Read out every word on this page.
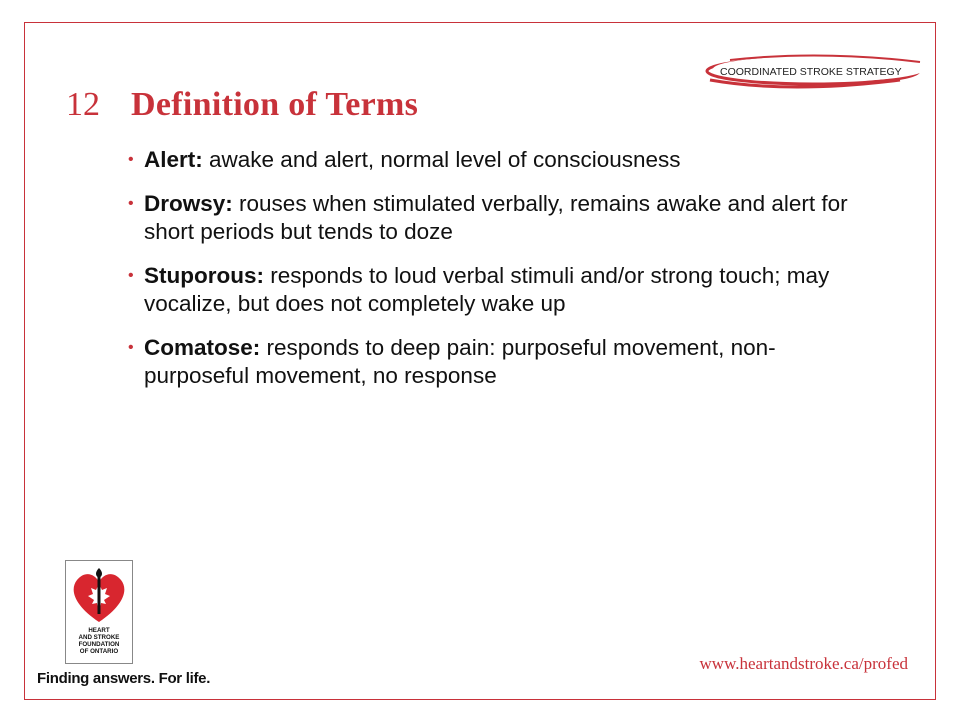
COORDINATED STROKE STRATEGY
12 Definition of Terms
• Alert: awake and alert, normal level of consciousness
• Drowsy: rouses when stimulated verbally, remains awake and alert for short periods but tends to doze
• Stuporous: responds to loud verbal stimuli and/or strong touch; may vocalize, but does not completely wake up
• Comatose: responds to deep pain: purposeful movement, non-purposeful movement, no response
HEART
AND STROKE
FOUNDATION
OF ONTARIO
Finding answers. For life.
www.heartandstroke.ca/profed
